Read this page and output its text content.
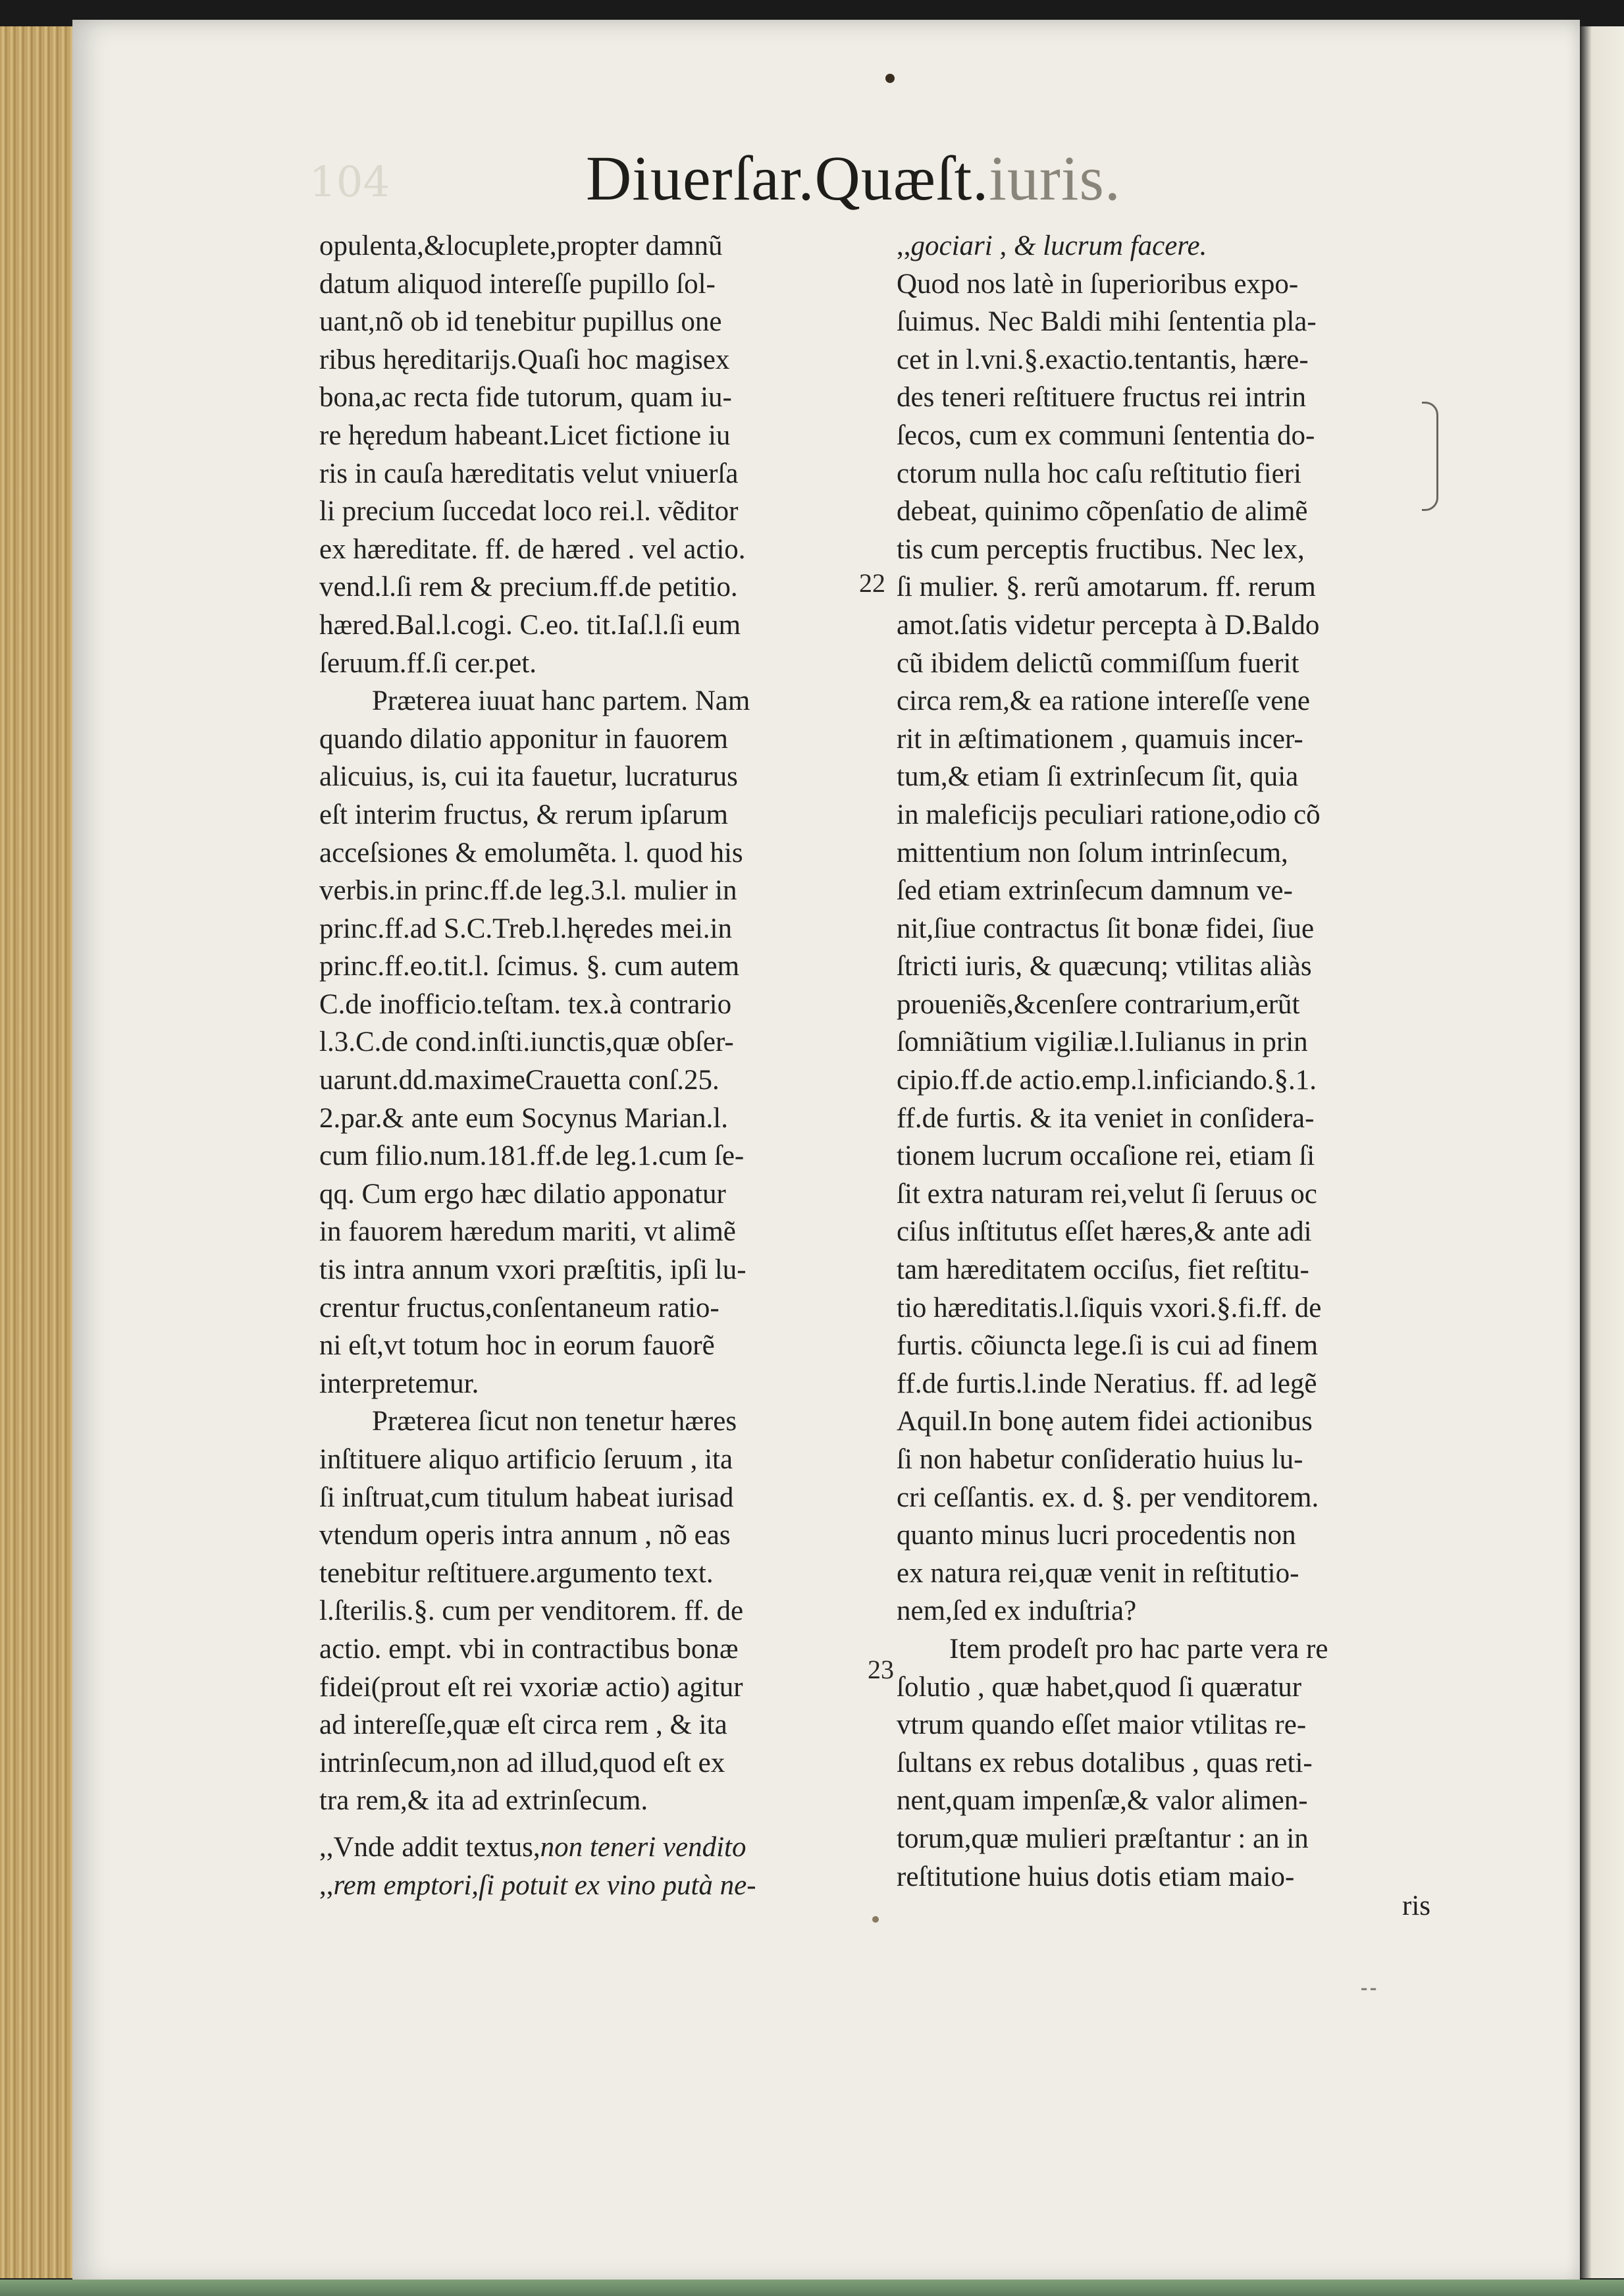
104	Diuerſar.Quæſt.iuris.
opulenta,&locuplete,propter damnũ
datum aliquod intereſſe pupillo ſol-
uant,nõ ob id tenebitur pupillus one
ribus hęreditarijs.Quaſi hoc magisex
bona,ac recta fide tutorum, quam iu-
re hęredum habeant.Licet fictione iu
ris in cauſa hæreditatis velut vniuerſa
li precium ſuccedat loco rei.l. vẽditor
ex hæreditate. ff. de hæred . vel actio.
vend.l.ſi rem & precium.ff.de petitio.
hæred.Bal.l.cogi. C.eo. tit.Iaſ.l.ſi eum
ſeruum.ff.ſi cer.pet.
Præterea iuuat hanc partem. Nam
quando dilatio apponitur in fauorem
alicuius, is, cui ita fauetur, lucraturus
eſt interim fructus, & rerum ipſarum
acceſsiones & emolumẽta. l. quod his
verbis.in princ.ff.de leg.3.l. mulier in
princ.ff.ad S.C.Treb.l.hęredes mei.in
princ.ff.eo.tit.l. ſcimus. §. cum autem
C.de inofficio.teſtam. tex.à contrario
l.3.C.de cond.inſti.iunctis,quæ obſer-
uarunt.dd.maximeCrauetta conſ.25.
2.par.& ante eum Socynus Marian.l.
cum filio.num.181.ff.de leg.1.cum ſe-
qq. Cum ergo hæc dilatio apponatur
in fauorem hæredum mariti, vt alimẽ
tis intra annum vxori præſtitis, ipſi lu-
crentur fructus,conſentaneum ratio-
ni eſt,vt totum hoc in eorum fauorẽ
interpretemur.
Præterea ſicut non tenetur hæres
inſtituere aliquo artificio ſeruum , ita
ſi inſtruat,cum titulum habeat iurisad
vtendum operis intra annum , nõ eas
tenebitur reſtituere.argumento text.
l.ſterilis.§. cum per venditorem. ff. de
actio. empt. vbi in contractibus bonæ
fidei(prout eſt rei vxoriæ actio) agitur
ad intereſſe,quæ eſt circa rem , & ita
intrinſecum,non ad illud,quod eſt ex
tra rem,& ita ad extrinſecum.
,,Vnde addit textus,non teneri vendito
,,rem emptori,ſi potuit ex vino putà ne-
,,gociari , & lucrum facere.
Quod nos latè in ſuperioribus expo-
ſuimus. Nec Baldi mihi ſententia pla-
cet in l.vni.§.exactio.tentantis, hære-
des teneri reſtituere fructus rei intrin
ſecos, cum ex communi ſententia do-
ctorum nulla hoc caſu reſtitutio fieri
debeat, quinimo cõpenſatio de alimẽ
tis cum perceptis fructibus. Nec lex,
ſi mulier. §. rerũ amotarum. ff. rerum
amot.ſatis videtur percepta à D.Baldo
cũ ibidem delictũ commiſſum fuerit
circa rem,& ea ratione intereſſe vene
rit in æſtimationem , quamuis incer-
tum,& etiam ſi extrinſecum ſit, quia
in maleficijs peculiari ratione,odio cõ
mittentium non ſolum intrinſecum,
ſed etiam extrinſecum damnum ve-
nit,ſiue contractus ſit bonæ fidei, ſiue
ſtricti iuris, & quæcunq; vtilitas aliàs
proueniẽs,&cenſere contrarium,erũt
ſomniãtium vigiliæ.l.Iulianus in prin
cipio.ff.de actio.emp.l.inficiando.§.1.
ff.de furtis. & ita veniet in conſidera-
tionem lucrum occaſione rei, etiam ſi
ſit extra naturam rei,velut ſi ſeruus oc
ciſus inſtitutus eſſet hæres,& ante adi
tam hæreditatem occiſus, fiet reſtitu-
tio hæreditatis.l.ſiquis vxori.§.fi.ff. de
furtis. cõiuncta lege.ſi is cui ad finem
ff.de furtis.l.inde Neratius. ff. ad legẽ
Aquil.In bonę autem fidei actionibus
ſi non habetur conſideratio huius lu-
cri ceſſantis. ex. d. §. per venditorem.
quanto minus lucri procedentis non
ex natura rei,quæ venit in reſtitutio-
nem,ſed ex induſtria?
Item prodeſt pro hac parte vera re
ſolutio , quæ habet,quod ſi quæratur
vtrum quando eſſet maior vtilitas re-
ſultans ex rebus dotalibus , quas reti-
nent,quam impenſæ,& valor alimen-
torum,quæ mulieri præſtantur : an in
reſtitutione huius dotis etiam maio-
22
23
⁃⁃
ris
